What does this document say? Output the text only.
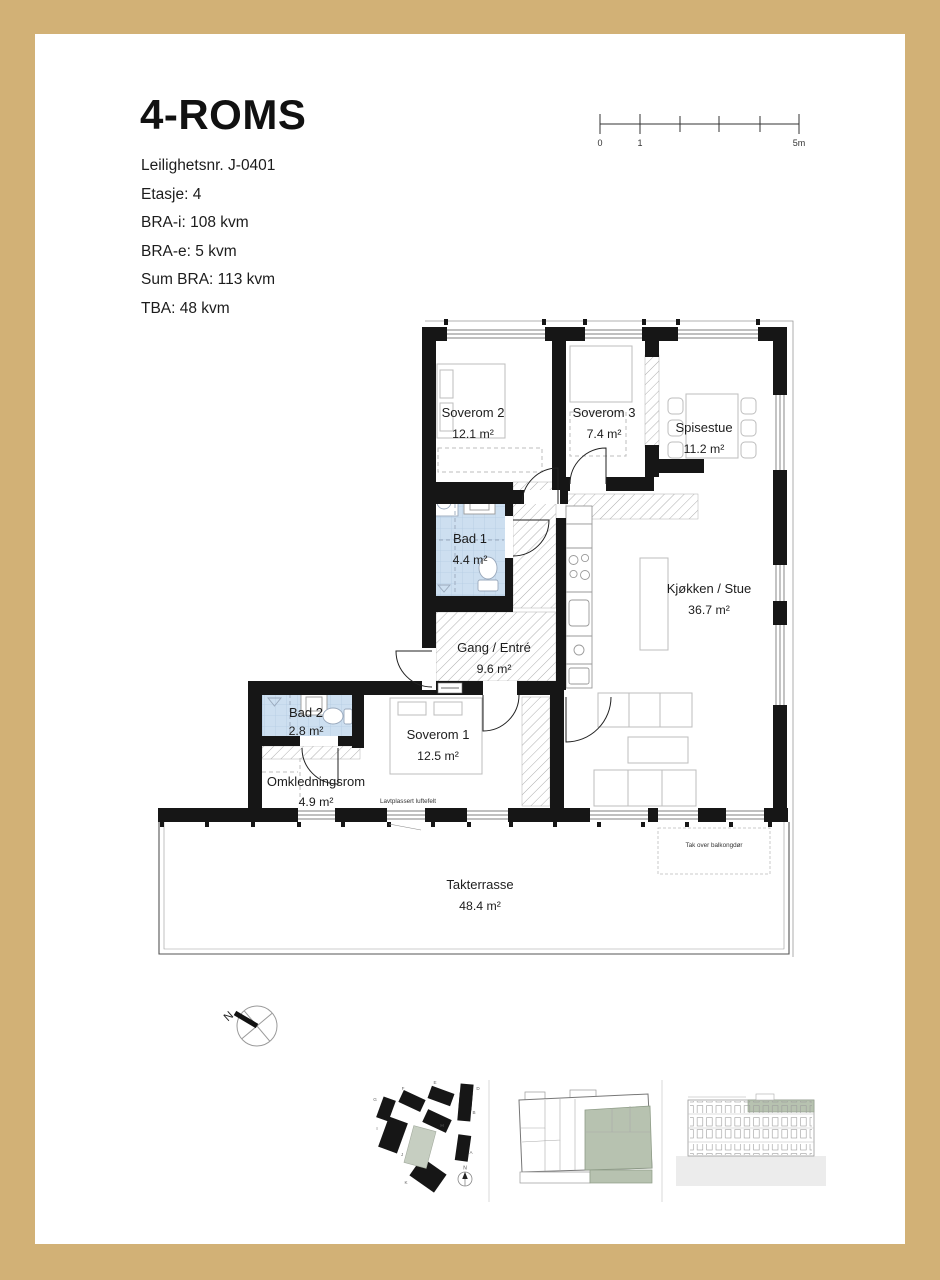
4-ROMS
Leilighetsnr. J-0401
Etasje: 4
BRA-i: 108 kvm
BRA-e: 5 kvm
Sum BRA: 113 kvm
TBA: 48 kvm
0	1	5m
Soverom 2
12.1 m²
Soverom 3
7.4 m²	Spisestue
11.2 m²
Bad 1
4.4 m²
Kjøkken / Stue
36.7 m²
Gang / Entré
9.6 m²
Bad 2
2.8 m²	Soverom 1
12.5 m²
Omkledningsrom
4.9 m²
Takterrasse
48.4 m²
Lavtplassert luftefelt
Tak over balkongdør
N
G
F
E
D
H
B
I
A
J
K
N
